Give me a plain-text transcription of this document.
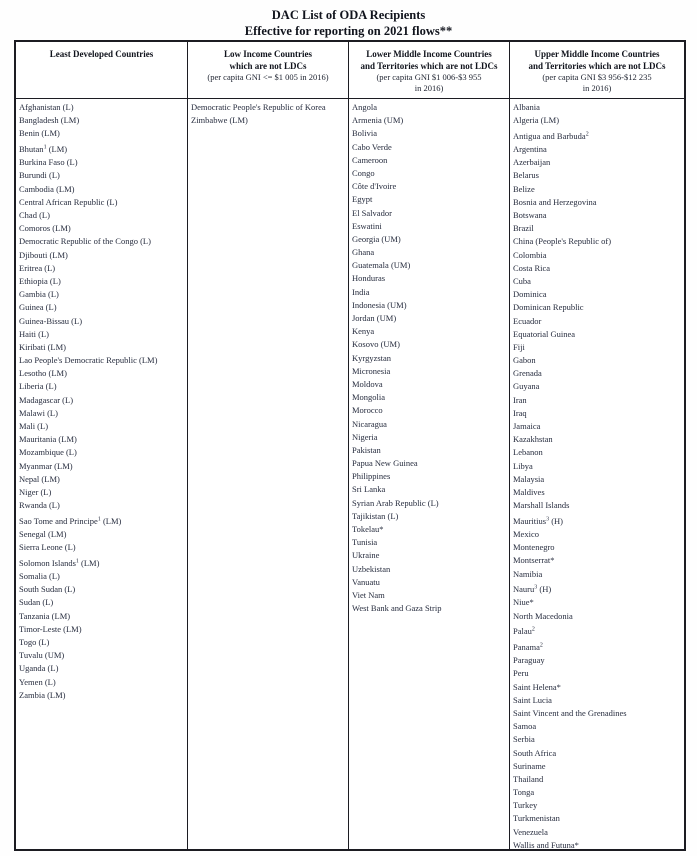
DAC List of ODA Recipients
Effective for reporting on 2021 flows**
Least Developed Countries
Afghanistan (L)
Bangladesh (LM)
Benin (LM)
Bhutan$^1$ (LM)
Burkina Faso (L)
Burundi (L)
Cambodia (LM)
Central African Republic (L)
Chad (L)
Comoros (LM)
Democratic Republic of the Congo (L)
Djibouti (LM)
Eritrea (L)
Ethiopia (L)
Gambia (L)
Guinea (L)
Guinea-Bissau (L)
Haiti (L)
Kiribati (LM)
Lao People's Democratic Republic (LM)
Lesotho (LM)
Liberia (L)
Madagascar (L)
Malawi (L)
Mali (L)
Mauritania (LM)
Mozambique (L)
Myanmar (LM)
Nepal (LM)
Niger (L)
Rwanda (L)
Sao Tome and Principe$^1$ (LM)
Senegal (LM)
Sierra Leone (L)
Solomon Islands$^1$ (LM)
Somalia (L)
South Sudan (L)
Sudan (L)
Tanzania (LM)
Timor-Leste (LM)
Togo (L)
Tuvalu (UM)
Uganda (L)
Yemen (L)
Zambia (LM)
Low Income Countries
which are not LDCs
(per capita GNI <= $1 005 in 2016)
Democratic People's Republic of Korea
Zimbabwe (LM)
Lower Middle Income Countries
and Territories which are not LDCs
(per capita GNI $1 006-$3 955
in 2016)
Angola
Armenia (UM)
Bolivia
Cabo Verde
Cameroon
Congo
Côte d'Ivoire
Egypt
El Salvador
Eswatini
Georgia (UM)
Ghana
Guatemala (UM)
Honduras
India
Indonesia (UM)
Jordan (UM)
Kenya
Kosovo (UM)
Kyrgyzstan
Micronesia
Moldova
Mongolia
Morocco
Nicaragua
Nigeria
Pakistan
Papua New Guinea
Philippines
Sri Lanka
Syrian Arab Republic (L)
Tajikistan (L)
Tokelau*
Tunisia
Ukraine
Uzbekistan
Vanuatu
Viet Nam
West Bank and Gaza Strip
Upper Middle Income Countries
and Territories which are not LDCs
(per capita GNI $3 956-$12 235
in 2016)
Albania
Algeria (LM)
Antigua and Barbuda$^2$
Argentina
Azerbaijan
Belarus
Belize
Bosnia and Herzegovina
Botswana
Brazil
China (People's Republic of)
Colombia
Costa Rica
Cuba
Dominica
Dominican Republic
Ecuador
Equatorial Guinea
Fiji
Gabon
Grenada
Guyana
Iran
Iraq
Jamaica
Kazakhstan
Lebanon
Libya
Malaysia
Maldives
Marshall Islands
Mauritius$^3$ (H)
Mexico
Montenegro
Montserrat*
Namibia
Nauru$^3$ (H)
Niue*
North Macedonia
Palau$^2$
Panama$^2$
Paraguay
Peru
Saint Helena*
Saint Lucia
Saint Vincent and the Grenadines
Samoa
Serbia
South Africa
Suriname
Thailand
Tonga
Turkey
Turkmenistan
Venezuela
Wallis and Futuna*
